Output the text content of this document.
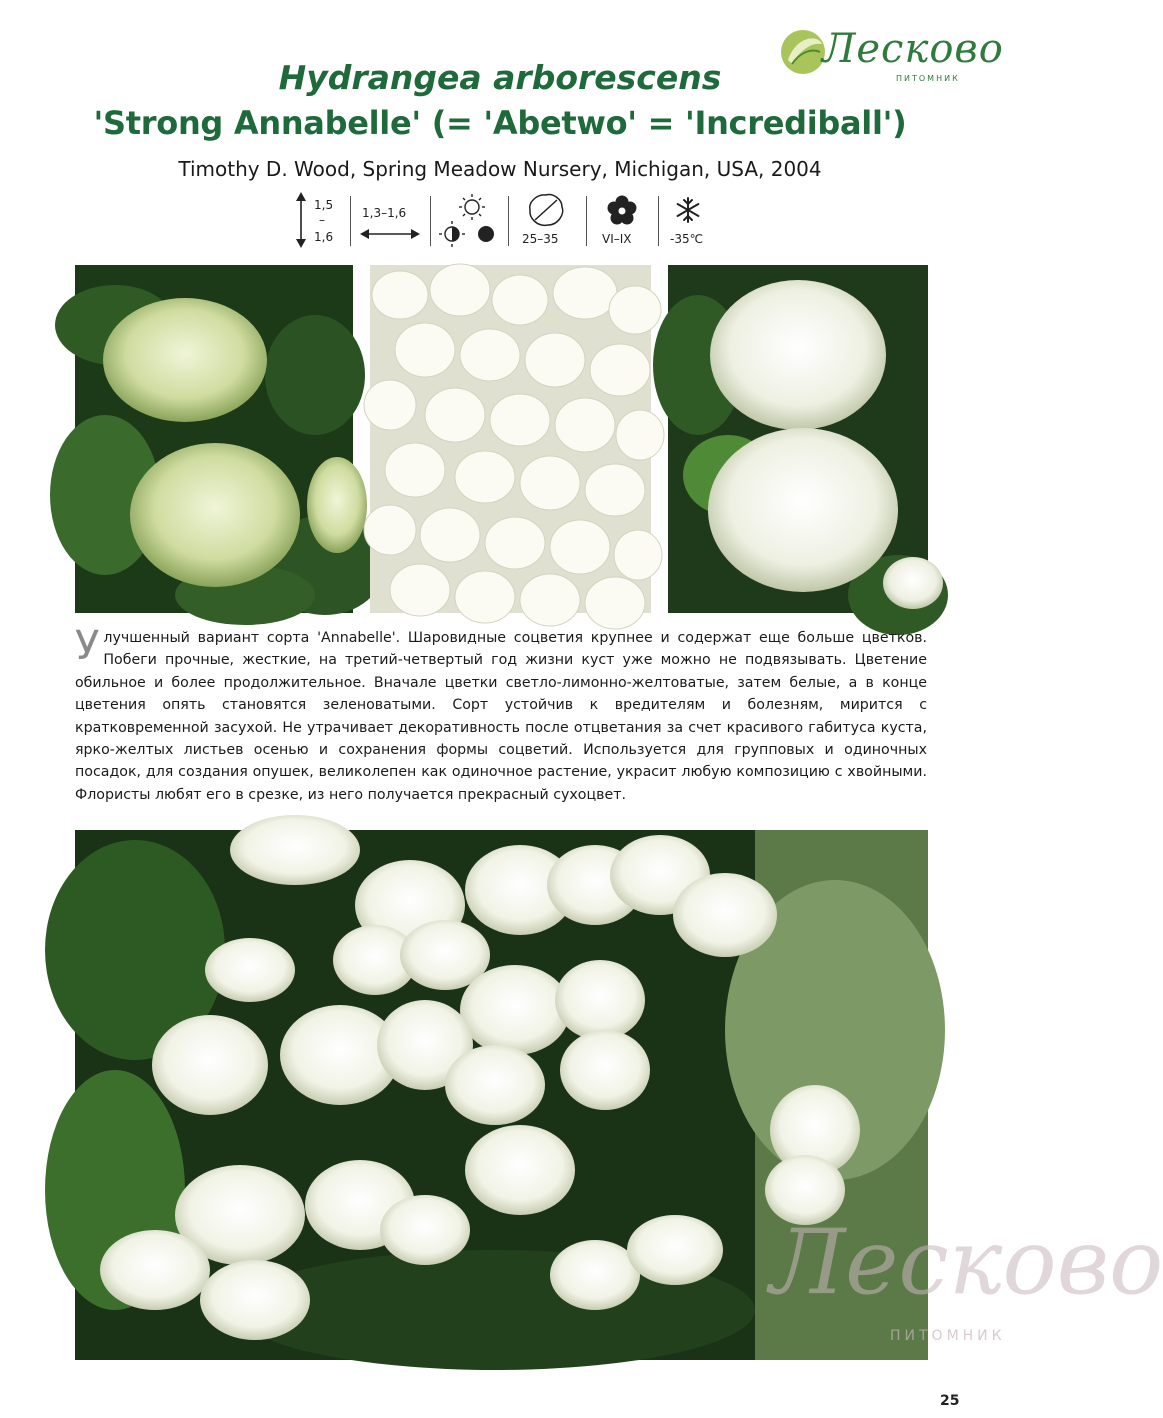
Лесково
ПИТОМНИК
Hydrangea arborescens
'Strong Annabelle' (= 'Abetwo' = 'Incrediball')
Timothy D. Wood, Spring Meadow Nursery, Michigan, USA, 2004
1,5
–
1,6
1,3–1,6
25–35	VI–IX	-35℃

Улучшенный вариант сорта 'Annabelle'. Шаровидные соцветия крупнее и содержат еще больше цветков. Побеги прочные, жесткие, на третий-четвертый год жизни куст уже можно не подвязывать. Цветение обильное и более продолжительное. Вначале цветки светло-лимонно-желтоватые, затем белые, а в конце цветения опять становятся зеленоватыми. Сорт устойчив к вредителям и болезням, мирится с кратковременной засухой. Не утрачивает декоративность после отцветания за счет красивого габитуса куста, ярко-желтых листьев осенью и сохранения формы соцветий. Используется для групповых и одиночных посадок, для создания опушек, великолепен как одиночное растение, украсит любую композицию с хвойными. Флористы любят его в срезке, из него получается прекрасный сухоцвет.

Лесково
ПИТОМНИК
25
